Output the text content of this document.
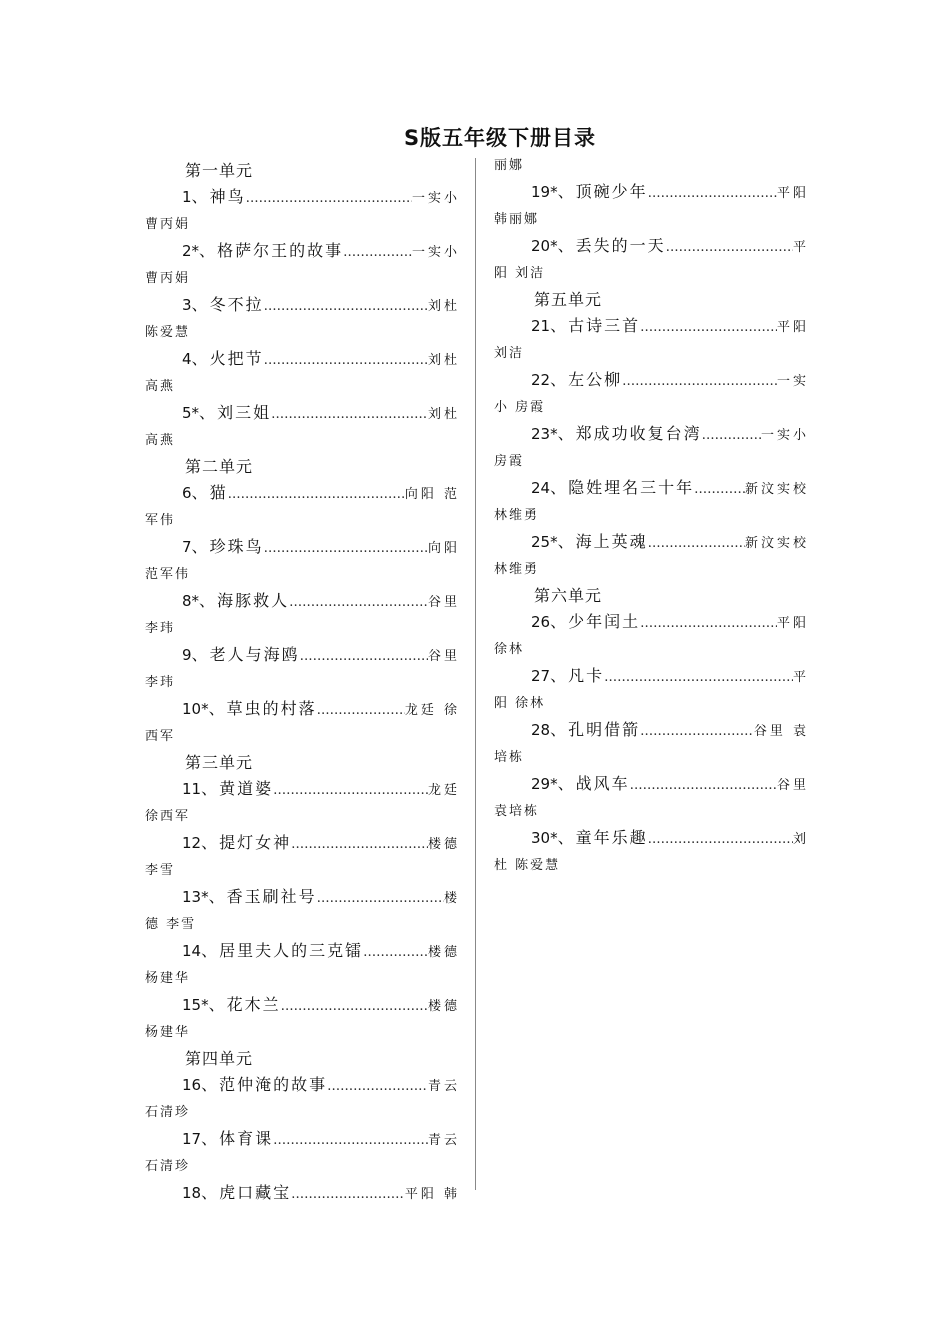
S版五年级下册目录
第一单元
1、神鸟 ………………………………………………………………………………	一实小
曹丙娟
2*、格萨尔王的故事 ………………………………………………………………………………	一实小
曹丙娟
3、冬不拉 ………………………………………………………………………………	刘杜
陈爱慧
4、火把节 ………………………………………………………………………………	刘杜
高燕
5*、刘三姐 ………………………………………………………………………………	刘杜
高燕
第二单元
6、猫 ………………………………………………………………………………	向阳 范
军伟
7、珍珠鸟 ………………………………………………………………………………	向阳
范军伟
8*、海豚救人 ………………………………………………………………………………	谷里
李玮
9、老人与海鸥 ………………………………………………………………………………	谷里
李玮
10*、草虫的村落 ………………………………………………………………………………	龙廷 徐
西军
第三单元
11、黄道婆 ………………………………………………………………………………	龙廷
徐西军
12、提灯女神 ………………………………………………………………………………	楼德
李雪
13*、香玉刷社号 ………………………………………………………………………………	楼
德 李雪
14、居里夫人的三克镭 ………………………………………………………………………………	楼德
杨建华
15*、花木兰 ………………………………………………………………………………	楼德
杨建华
第四单元
16、范仲淹的故事 ………………………………………………………………………………	青云
石清珍
17、体育课 ………………………………………………………………………………	青云
石清珍
18、虎口藏宝 ………………………………………………………………………………	平阳 韩
丽娜
19*、顶碗少年 ………………………………………………………………………………	平阳
韩丽娜
20*、丢失的一天 ………………………………………………………………………………	平
阳 刘洁
第五单元
21、古诗三首 ………………………………………………………………………………	平阳
刘洁
22、左公柳 ………………………………………………………………………………	一实
小 房霞
23*、郑成功收复台湾 ………………………………………………………………………………	一实小
房霞
24、隐姓埋名三十年 ………………………………………………………………………………	新汶实校
林维勇
25*、海上英魂 ………………………………………………………………………………	新汶实校
林维勇
第六单元
26、少年闰土 ………………………………………………………………………………	平阳
徐林
27、凡卡 ………………………………………………………………………………	平
阳 徐林
28、孔明借箭 ………………………………………………………………………………	谷里 袁
培栋
29*、战风车 ………………………………………………………………………………	谷里
袁培栋
30*、童年乐趣 ………………………………………………………………………………	刘
杜 陈爱慧
